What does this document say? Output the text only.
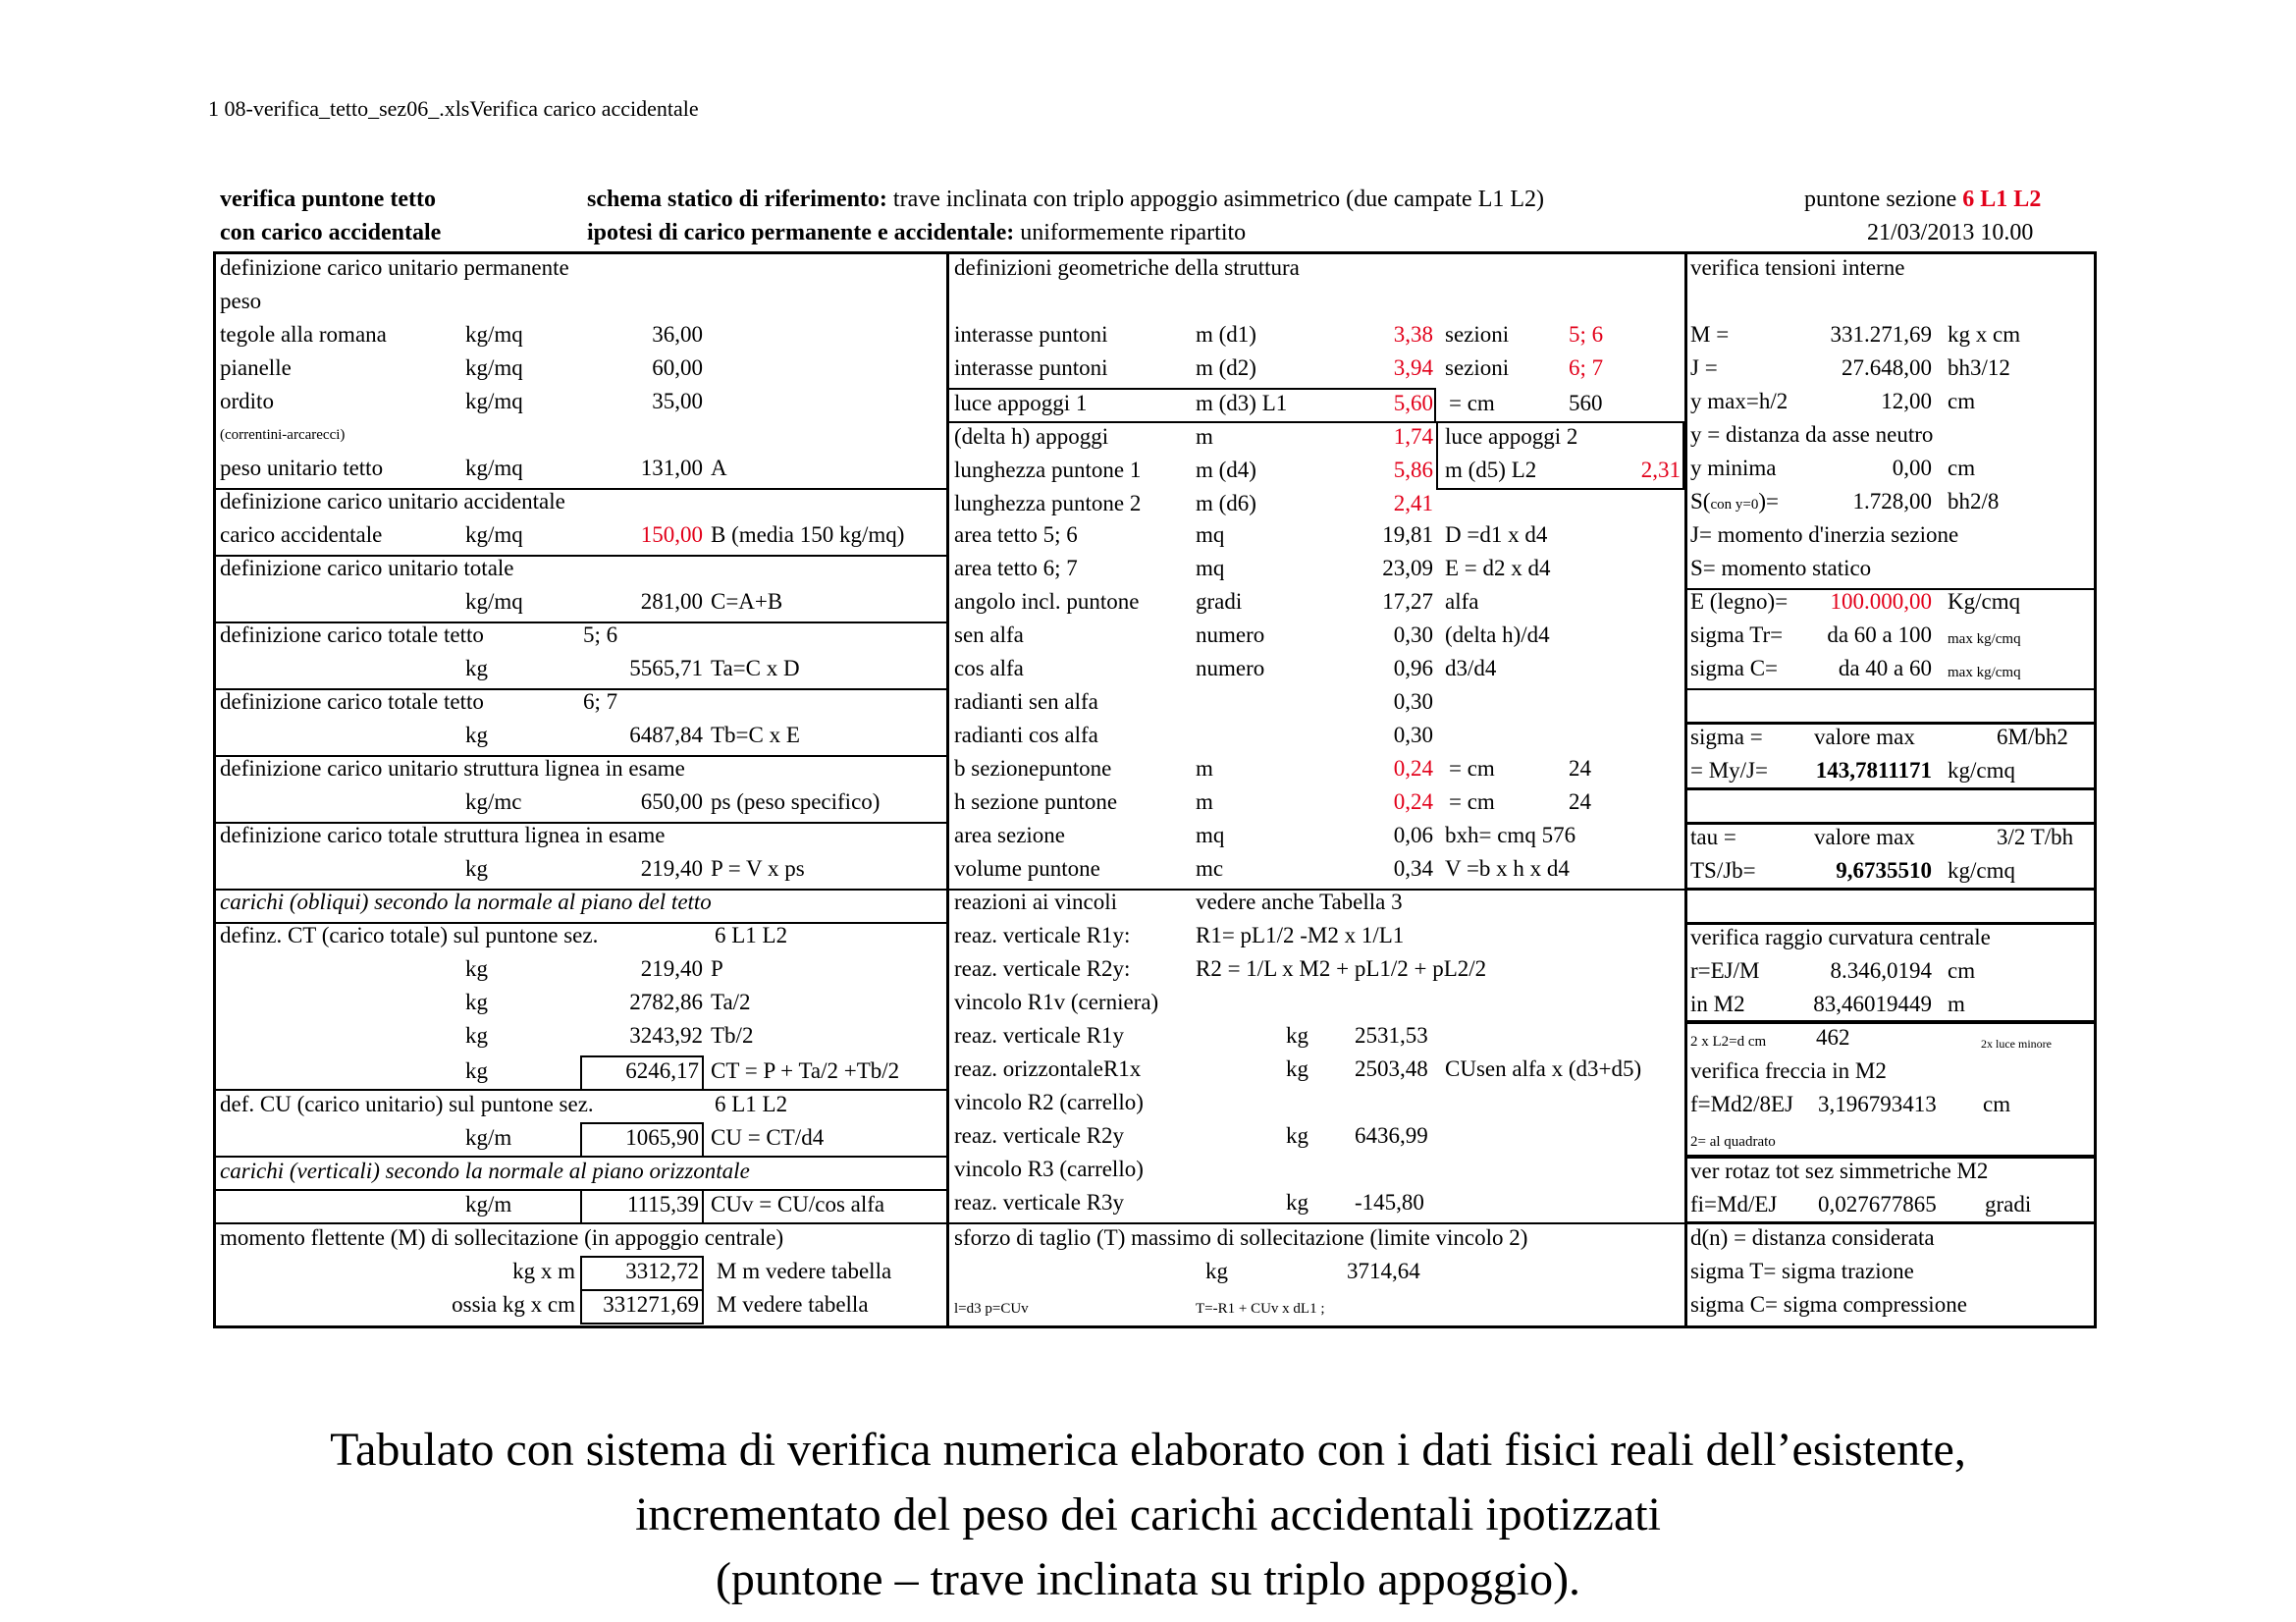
1 08-verifica_tetto_sez06_.xlsVerifica carico accidentale
verifica puntone tetto
con carico accidentale
schema statico di riferimento: trave inclinata con triplo appoggio asimmetrico (due campate L1 L2)
ipotesi di carico permanente e accidentale: uniformemente ripartito
puntone sezione 6 L1 L2
21/03/2013 10.00
definizione carico unitario permanente
peso
tegole alla romana	kg/mq	36,00
pianelle	kg/mq	60,00
ordito	kg/mq	35,00
(correntini-arcarecci)
peso unitario tetto	kg/mq	131,00 A
definizione carico unitario accidentale
carico accidentale	kg/mq	150,00 B (media 150 kg/mq)
definizione carico unitario totale
kg/mq	281,00 C=A+B
definizione carico totale tetto	5; 6
kg	5565,71 Ta=C x D
definizione carico totale tetto	6; 7
kg	6487,84 Tb=C x E
definizione carico unitario struttura lignea in esame
kg/mc	650,00 ps (peso specifico)
definizione carico totale struttura lignea in esame
kg	219,40 P = V x ps
carichi (obliqui) secondo la normale al piano del tetto
definz. CT (carico totale) sul puntone sez.	6 L1 L2
kg	219,40 P
kg	2782,86 Ta/2
kg	3243,92 Tb/2
kg	6246,17 CT = P + Ta/2 +Tb/2
def. CU (carico unitario) sul puntone sez.	6 L1 L2
kg/m	1065,90 CU = CT/d4
carichi (verticali) secondo la normale al piano orizzontale
kg/m	1115,39 CUv = CU/cos alfa
momento flettente (M) di sollecitazione (in appoggio centrale)
kg x m	3312,72 M m vedere tabella
ossia kg x cm	331271,69 M vedere tabella
definizioni geometriche della struttura
interasse puntoni	m (d1)	3,38 sezioni	5; 6
interasse puntoni	m (d2)	3,94 sezioni	6; 7
luce appoggi 1	m (d3) L1	5,60 = cm	560
(delta h) appoggi	m	1,74 luce appoggi 2
lunghezza puntone 1 m (d4)	5,86 m (d5) L2	2,31
lunghezza puntone 2 m (d6)	2,41
area tetto 5; 6	mq	19,81 D =d1 x d4
area tetto 6; 7	mq	23,09 E = d2 x d4
angolo incl. puntone	gradi	17,27 alfa
sen alfa	numero	0,30 (delta h)/d4
cos alfa	numero	0,96 d3/d4
radianti sen alfa	0,30
radianti cos alfa	0,30
b sezionepuntone	m	0,24 = cm	24
h sezione puntone	m	0,24 = cm	24
area sezione	mq	0,06 bxh= cmq 576
volume puntone	mc	0,34 V =b x h x d4
reazioni ai vincoli	vedere anche Tabella 3
reaz. verticale R1y:	R1= pL1/2 -M2 x 1/L1
reaz. verticale R2y:	R2 = 1/L x M2 + pL1/2 + pL2/2
vincolo R1v (cerniera)
reaz. verticale R1y	kg 2531,53
reaz. orizzontaleR1x	kg 2503,48 CUsen alfa x (d3+d5)
vincolo R2 (carrello)
reaz. verticale R2y	kg 6436,99
vincolo R3 (carrello)
reaz. verticale R3y	kg -145,80
sforzo di taglio (T) massimo di sollecitazione (limite vincolo 2)
kg	3714,64
l=d3 p=CUv	T=-R1 + CUv x dL1 ;
verifica tensioni interne
M =	331.271,69 kg x cm
J =	27.648,00 bh3/12
y max=h/2	12,00 cm
y = distanza da asse neutro
y minima	0,00 cm
S(con y=0)=	1.728,00 bh2/8
J= momento d'inerzia sezione
S= momento statico
E (legno)=	100.000,00 Kg/cmq
sigma Tr=	da 60 a 100 max kg/cmq
sigma C=	da 40 a 60 max kg/cmq
sigma = valore max	6M/bh2
= My/J=	143,7811171 kg/cmq
tau =	valore max	3/2 T/bh
TS/Jb=	9,6735510 kg/cmq
verifica raggio curvatura centrale
r=EJ/M	8.346,0194 cm
in M2	83,46019449 m
2 x L2=d cm 462	2x luce minore
verifica freccia in M2
f=Md2/8EJ 3,196793413 cm
2= al quadrato
ver rotaz tot sez simmetriche M2
fi=Md/EJ 0,027677865 gradi
d(n) = distanza considerata
sigma T= sigma trazione
sigma C= sigma compressione
Tabulato con sistema di verifica numerica elaborato con i dati fisici reali dell’esistente,
incrementato del peso dei carichi accidentali ipotizzati
(puntone – trave inclinata su triplo appoggio).
